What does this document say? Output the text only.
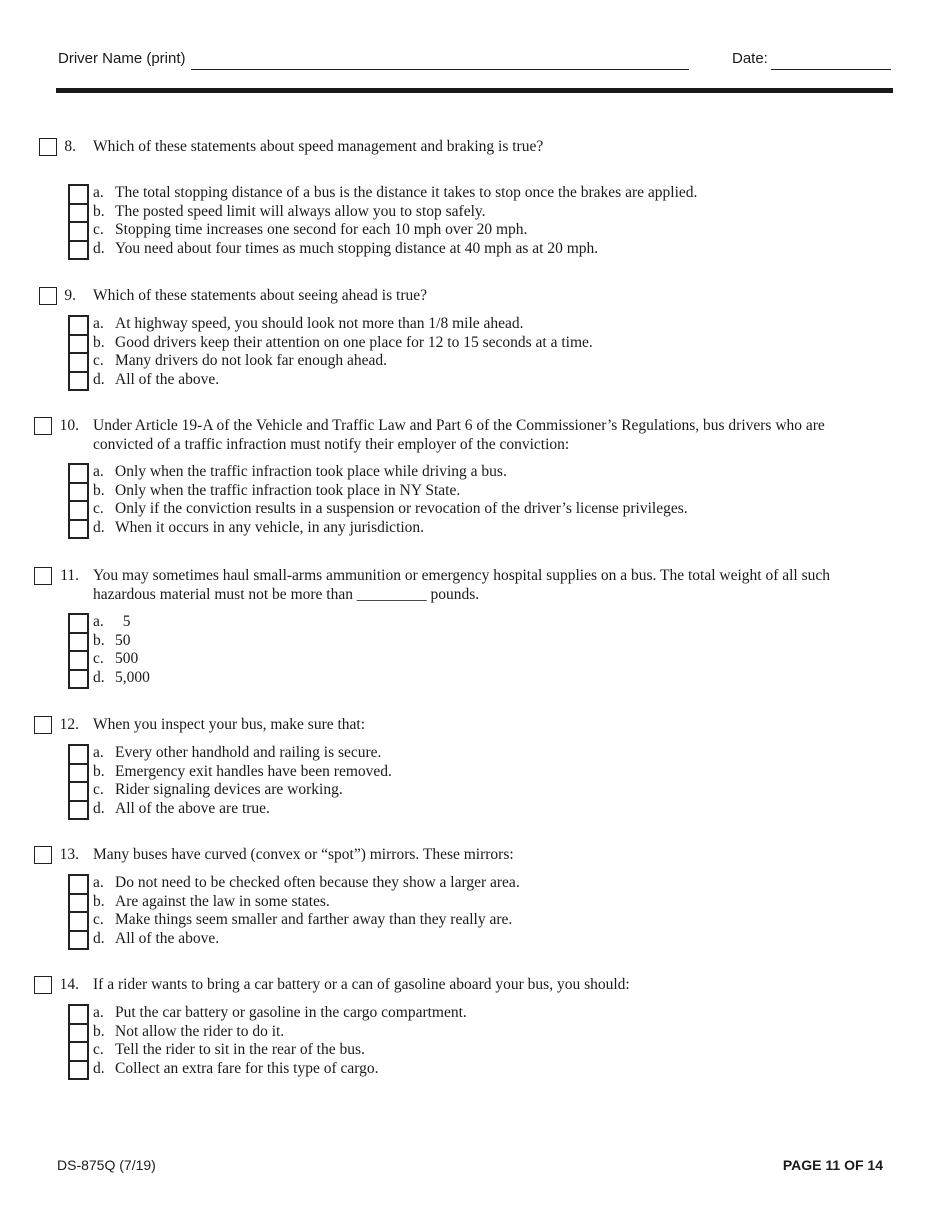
Driver Name (print)	Date:
8. Which of these statements about speed management and braking is true?
a. The total stopping distance of a bus is the distance it takes to stop once the brakes are applied.
b. The posted speed limit will always allow you to stop safely.
c. Stopping time increases one second for each 10 mph over 20 mph.
d. You need about four times as much stopping distance at 40 mph as at 20 mph.
9. Which of these statements about seeing ahead is true?
a. At highway speed, you should look not more than 1/8 mile ahead.
b. Good drivers keep their attention on one place for 12 to 15 seconds at a time.
c. Many drivers do not look far enough ahead.
d. All of the above.
10. Under Article 19-A of the Vehicle and Traffic Law and Part 6 of the Commissioner’s Regulations, bus drivers who are convicted of a traffic infraction must notify their employer of the conviction:
a. Only when the traffic infraction took place while driving a bus.
b. Only when the traffic infraction took place in NY State.
c. Only if the conviction results in a suspension or revocation of the driver’s license privileges.
d. When it occurs in any vehicle, in any jurisdiction.
11. You may sometimes haul small-arms ammunition or emergency hospital supplies on a bus. The total weight of all such hazardous material must not be more than _________ pounds.
a. 5
b. 50
c. 500
d. 5,000
12. When you inspect your bus, make sure that:
a. Every other handhold and railing is secure.
b. Emergency exit handles have been removed.
c. Rider signaling devices are working.
d. All of the above are true.
13. Many buses have curved (convex or “spot”) mirrors. These mirrors:
a. Do not need to be checked often because they show a larger area.
b. Are against the law in some states.
c. Make things seem smaller and farther away than they really are.
d. All of the above.
14. If a rider wants to bring a car battery or a can of gasoline aboard your bus, you should:
a. Put the car battery or gasoline in the cargo compartment.
b. Not allow the rider to do it.
c. Tell the rider to sit in the rear of the bus.
d. Collect an extra fare for this type of cargo.
DS-875Q (7/19)	PAGE 11 OF 14
